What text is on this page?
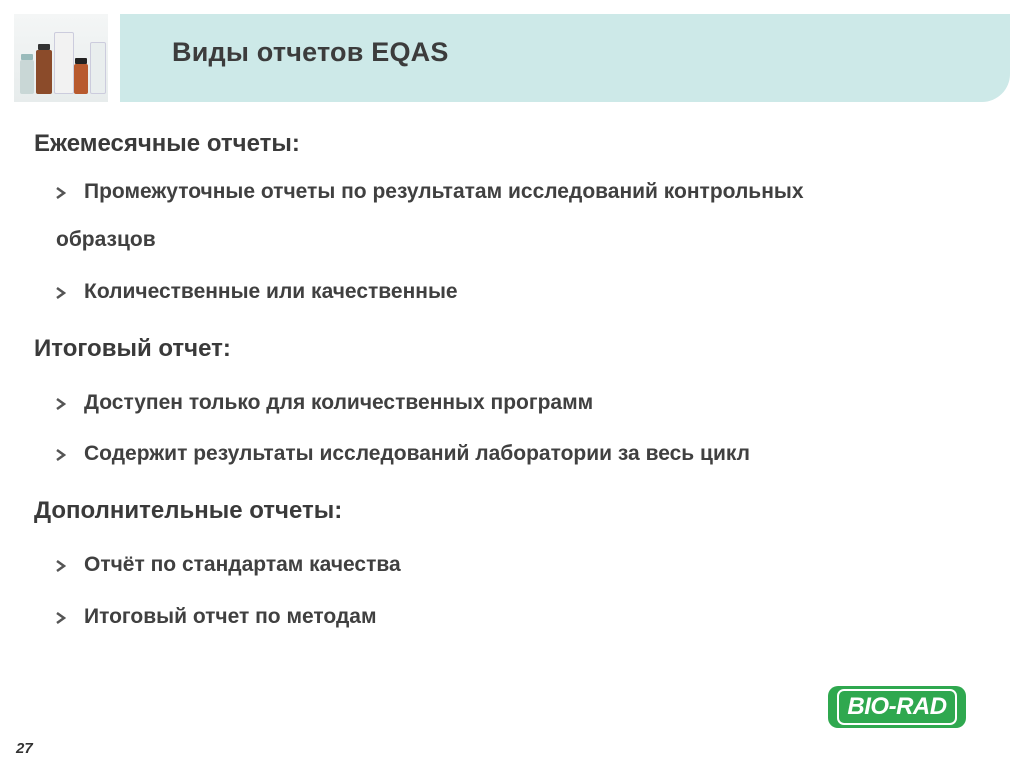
Виды отчетов EQAS
Ежемесячные отчеты:
Промежуточные отчеты по результатам исследований контрольных
образцов
Количественные или качественные
Итоговый отчет:
Доступен только для количественных программ
Содержит результаты исследований лаборатории за весь цикл
Дополнительные отчеты:
Отчёт по стандартам качества
Итоговый отчет по методам
BIO-RAD
27
